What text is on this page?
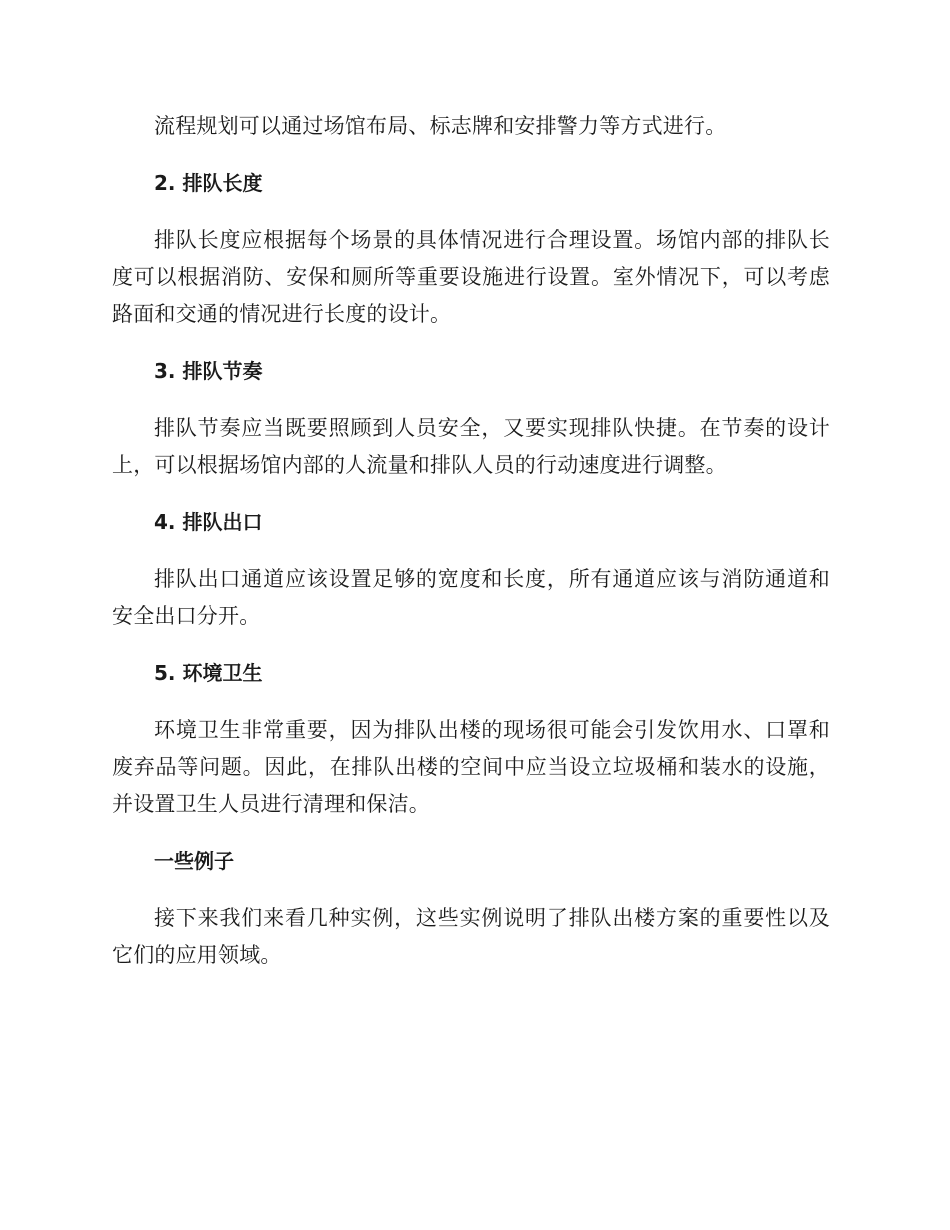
流程规划可以通过场馆布局、标志牌和安排警力等方式进行。

2. 排队长度

排队长度应根据每个场景的具体情况进行合理设置。场馆内部的排队长度可以根据消防、安保和厕所等重要设施进行设置。室外情况下，可以考虑路面和交通的情况进行长度的设计。

3. 排队节奏

排队节奏应当既要照顾到人员安全，又要实现排队快捷。在节奏的设计上，可以根据场馆内部的人流量和排队人员的行动速度进行调整。

4. 排队出口

排队出口通道应该设置足够的宽度和长度，所有通道应该与消防通道和安全出口分开。

5. 环境卫生

环境卫生非常重要，因为排队出楼的现场很可能会引发饮用水、口罩和废弃品等问题。因此，在排队出楼的空间中应当设立垃圾桶和装水的设施，并设置卫生人员进行清理和保洁。

一些例子

接下来我们来看几种实例，这些实例说明了排队出楼方案的重要性以及它们的应用领域。
